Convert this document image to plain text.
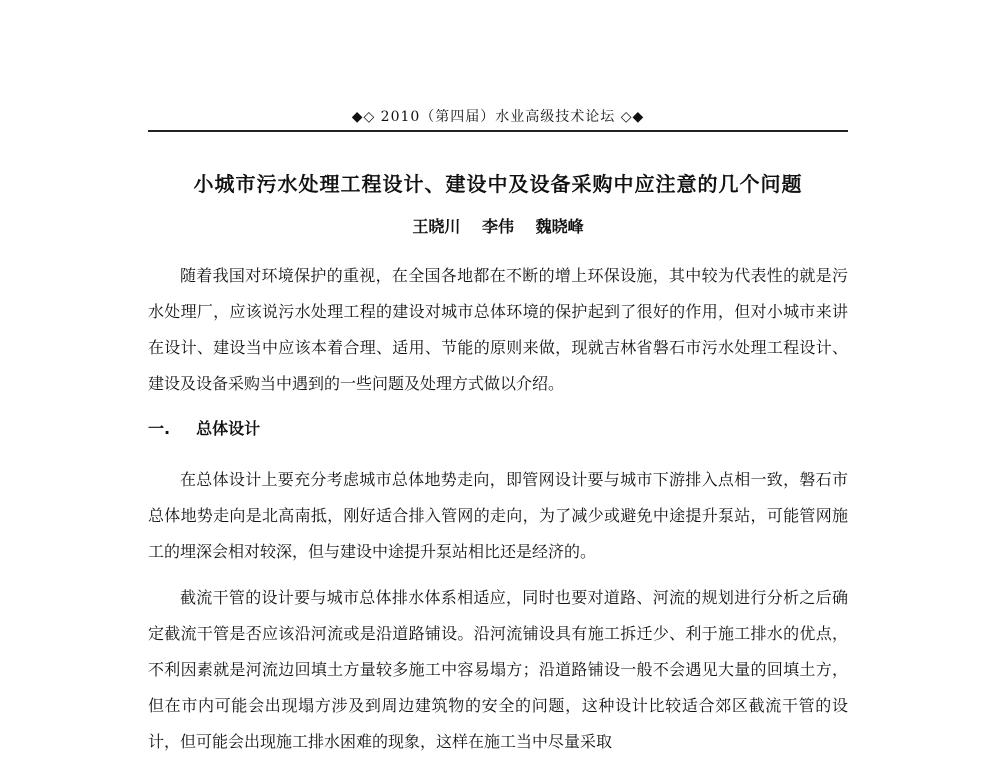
◆◇ 2010（第四届）水业高级技术论坛 ◇◆
小城市污水处理工程设计、建设中及设备采购中应注意的几个问题
王晓川 李伟 魏晓峰

随着我国对环境保护的重视，在全国各地都在不断的增上环保设施，其中较为代表性的就是污水处理厂，应该说污水处理工程的建设对城市总体环境的保护起到了很好的作用，但对小城市来讲在设计、建设当中应该本着合理、适用、节能的原则来做，现就吉林省磐石市污水处理工程设计、建设及设备采购当中遇到的一些问题及处理方式做以介绍。

一. 总体设计

在总体设计上要充分考虑城市总体地势走向，即管网设计要与城市下游排入点相一致，磐石市总体地势走向是北高南抵，刚好适合排入管网的走向，为了减少或避免中途提升泵站，可能管网施工的埋深会相对较深，但与建设中途提升泵站相比还是经济的。

截流干管的设计要与城市总体排水体系相适应，同时也要对道路、河流的规划进行分析之后确定截流干管是否应该沿河流或是沿道路铺设。沿河流铺设具有施工拆迁少、利于施工排水的优点，不利因素就是河流边回填土方量较多施工中容易塌方；沿道路铺设一般不会遇见大量的回填土方，但在市内可能会出现塌方涉及到周边建筑物的安全的问题，这种设计比较适合郊区截流干管的设计，但可能会出现施工排水困难的现象，这样在施工当中尽量采取
